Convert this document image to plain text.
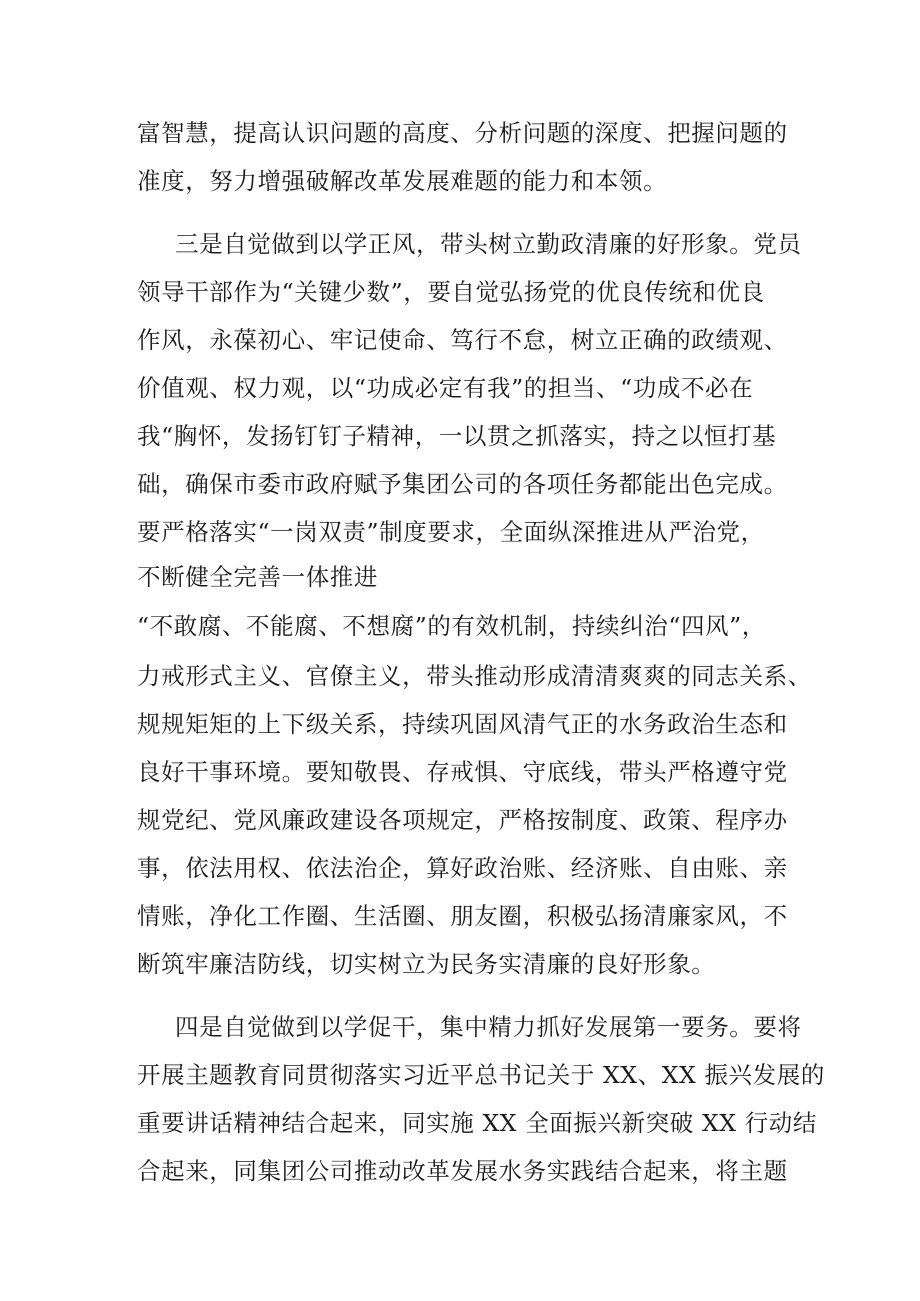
富智慧，提高认识问题的高度、分析问题的深度、把握问题的
准度，努力增强破解改革发展难题的能力和本领。
三是自觉做到以学正风，带头树立勤政清廉的好形象。党员
领导干部作为“关键少数”，要自觉弘扬党的优良传统和优良
作风，永葆初心、牢记使命、笃行不怠，树立正确的政绩观、
价值观、权力观，以“功成必定有我”的担当、“功成不必在
我“胸怀，发扬钉钉子精神，一以贯之抓落实，持之以恒打基
础，确保市委市政府赋予集团公司的各项任务都能出色完成。
要严格落实“一岗双责”制度要求，全面纵深推进从严治党，
不断健全完善一体推进
“不敢腐、不能腐、不想腐”的有效机制，持续纠治“四风”，
力戒形式主义、官僚主义，带头推动形成清清爽爽的同志关系、
规规矩矩的上下级关系，持续巩固风清气正的水务政治生态和
良好干事环境。要知敬畏、存戒惧、守底线，带头严格遵守党
规党纪、党风廉政建设各项规定，严格按制度、政策、程序办
事，依法用权、依法治企，算好政治账、经济账、自由账、亲
情账，净化工作圈、生活圈、朋友圈，积极弘扬清廉家风，不
断筑牢廉洁防线，切实树立为民务实清廉的良好形象。
四是自觉做到以学促干，集中精力抓好发展第一要务。要将
开展主题教育同贯彻落实习近平总书记关于 XX、XX 振兴发展的
重要讲话精神结合起来，同实施 XX 全面振兴新突破 XX 行动结
合起来，同集团公司推动改革发展水务实践结合起来，将主题
